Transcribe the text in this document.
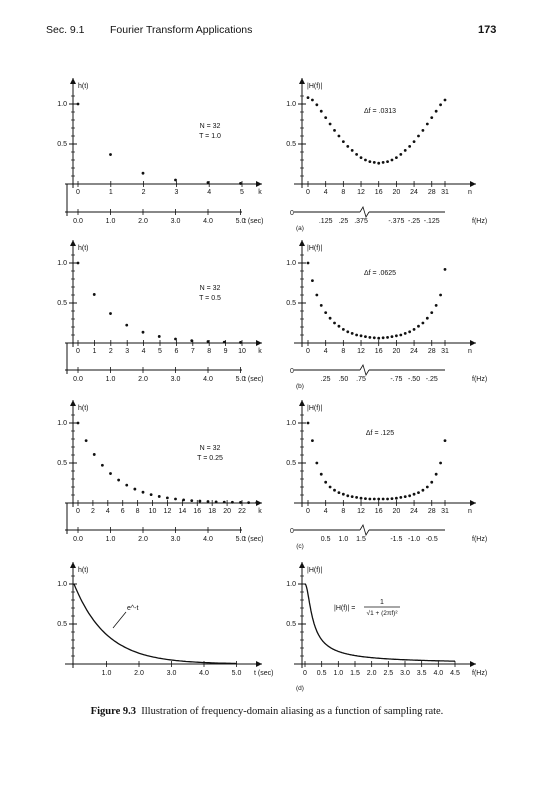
Sec. 9.1 Fourier Transform Applications	173
h(t)
1.0
0.5
N = 32
T = 1.0
0	1	2	3	4	5 k
0.0	1.0	2.0	3.0	4.0	5.0
t (sec)
|H(f)|
1.0
0.5
Δf = .0313
0 4 8 12 16 20 24 28 31	n
0
.125 .25 .375	-.375 -.25 -.125	f(Hz)
(a)
h(t)
1.0
0.5
N = 32
T = 0.5
0 1 2 3 4 5 6 7 8 9 10 k
0.0	1.0	2.0	3.0	4.0	5.0
t (sec)
|H(f)|
1.0
0.5
Δf = .0625
0 4 8 12 16 20 24 28 31	n
0
.25 .50 .75	-.75 -.50 -.25	f(Hz)
(b)
h(t)
1.0
0.5
N = 32
T = 0.25
0 2 4 6 8 10 12 14 16 18 20 22 k
0.0	1.0	2.0	3.0	4.0	5.0
t (sec)
|H(f)|
1.0
0.5
Δf = .125
0 4 8 12 16 20 24 28 31	n
0
0.5 1.0 1.5	-1.5 -1.0 -0.5	f(Hz)
(c)
h(t)
1.0
0.5
e^-t
1.0	2.0	3.0	4.0	5.0 t (sec)
|H(f)|
1.0
0.5
|H(f)| =
1
√1 + (2πf)²
0 0.5 1.0 1.5 2.0 2.5 3.0 3.5 4.0 4.5 f(Hz)
(d)
Figure 9.3 Illustration of frequency-domain aliasing as a function of sampling rate.
